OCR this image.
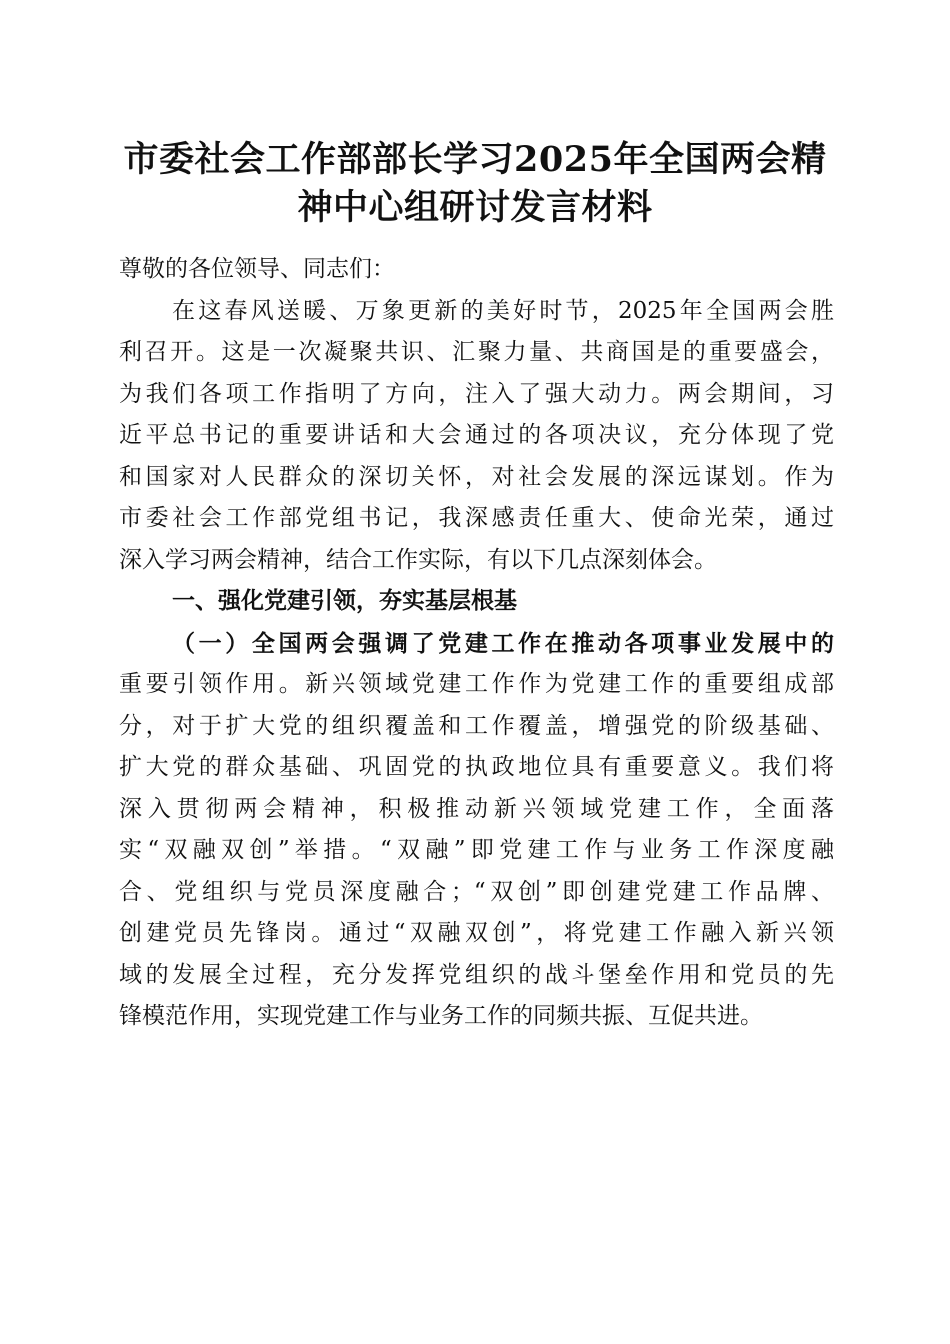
市委社会工作部部长学习2025年全国两会精
神中心组研讨发言材料
尊敬的各位领导、同志们：
在这春风送暖、万象更新的美好时节，2025年全国两会胜
利召开。这是一次凝聚共识、汇聚力量、共商国是的重要盛会，
为我们各项工作指明了方向，注入了强大动力。两会期间，习
近平总书记的重要讲话和大会通过的各项决议，充分体现了党
和国家对人民群众的深切关怀，对社会发展的深远谋划。作为
市委社会工作部党组书记，我深感责任重大、使命光荣，通过
深入学习两会精神，结合工作实际，有以下几点深刻体会。
一、强化党建引领，夯实基层根基
（一）全国两会强调了党建工作在推动各项事业发展中的
重要引领作用。新兴领域党建工作作为党建工作的重要组成部
分，对于扩大党的组织覆盖和工作覆盖，增强党的阶级基础、
扩大党的群众基础、巩固党的执政地位具有重要意义。我们将
深入贯彻两会精神，积极推动新兴领域党建工作，全面落
实“双融双创”举措。“双融”即党建工作与业务工作深度融
合、党组织与党员深度融合；“双创”即创建党建工作品牌、
创建党员先锋岗。通过“双融双创”，将党建工作融入新兴领
域的发展全过程，充分发挥党组织的战斗堡垒作用和党员的先
锋模范作用，实现党建工作与业务工作的同频共振、互促共进。
